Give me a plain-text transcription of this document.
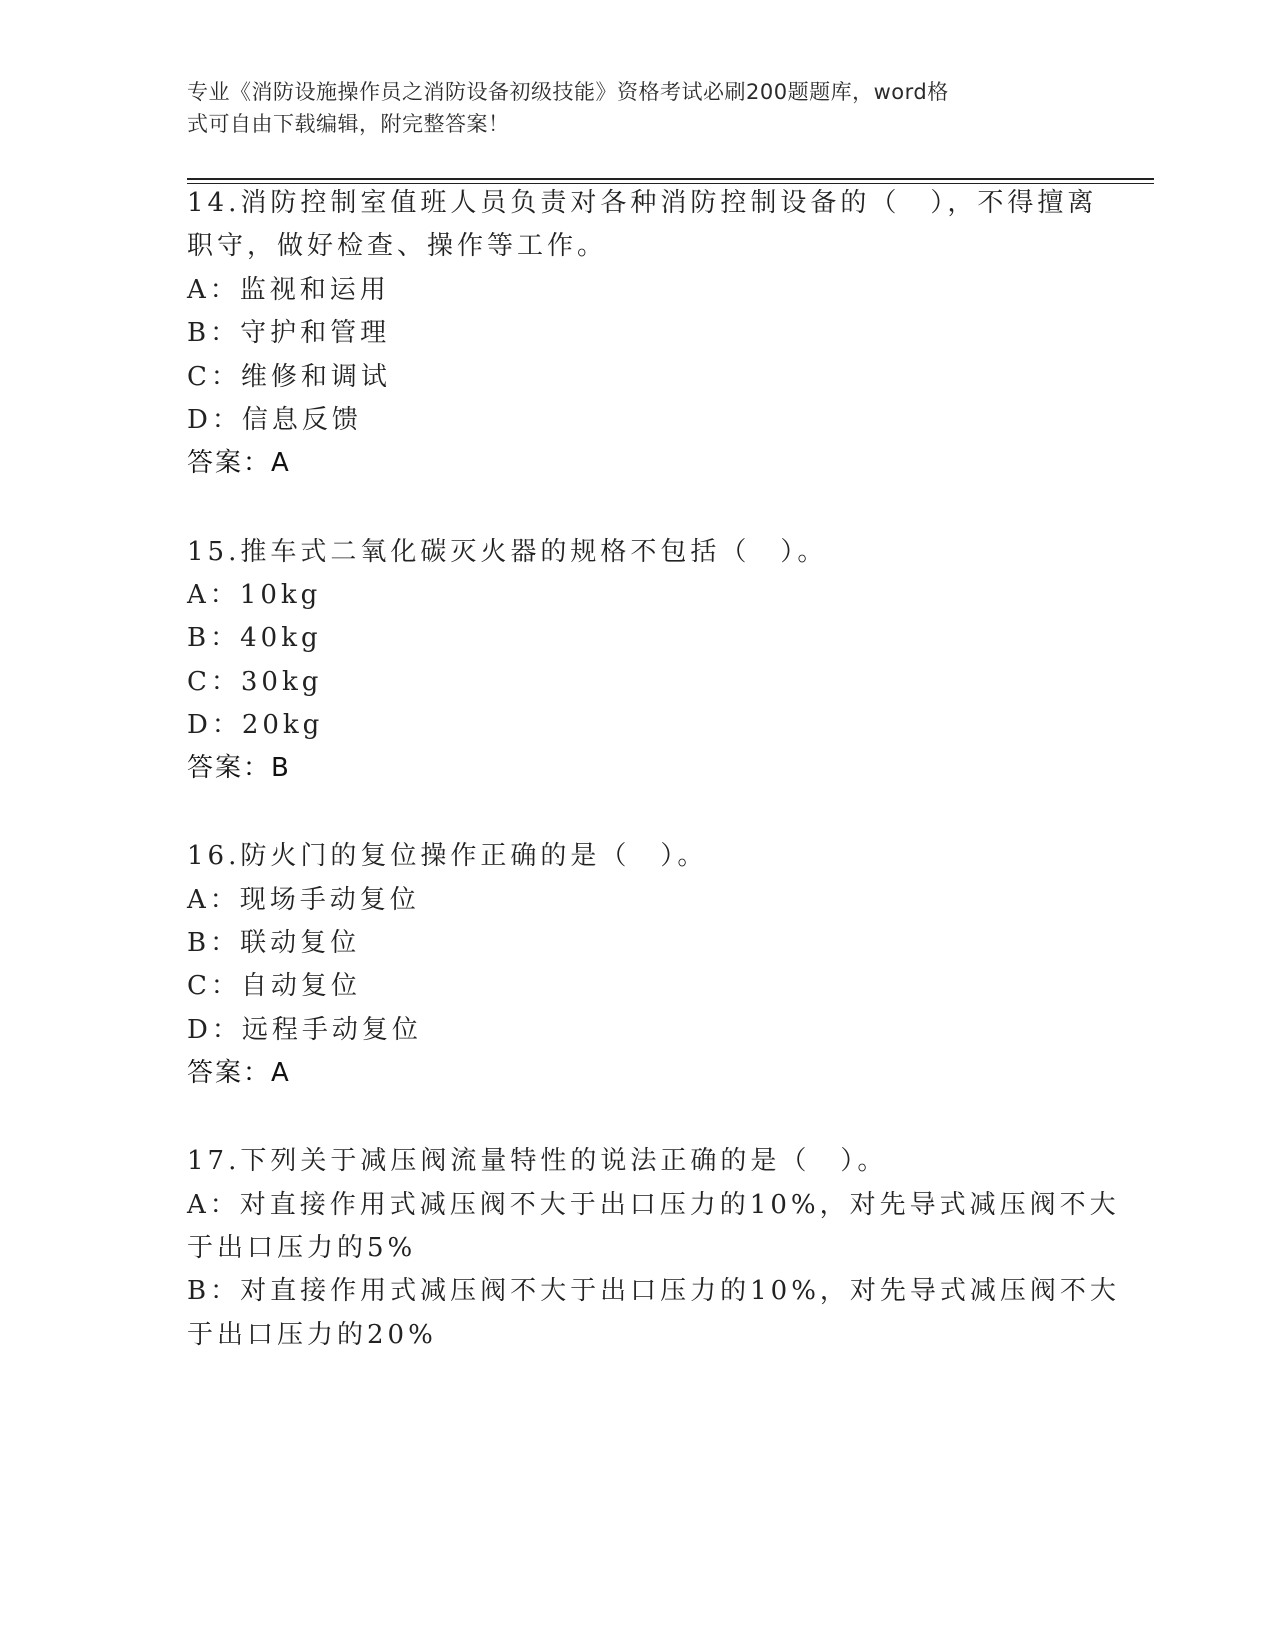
专业《消防设施操作员之消防设备初级技能》资格考试必刷200题题库，word格
式可自由下载编辑，附完整答案！
14.消防控制室值班人员负责对各种消防控制设备的（　），不得擅离
职守，做好检查、操作等工作。
A：监视和运用
B：守护和管理
C：维修和调试
D：信息反馈
答案：A
15.推车式二氧化碳灭火器的规格不包括（　）。
A：10kg
B：40kg
C：30kg
D：20kg
答案：B
16.防火门的复位操作正确的是（　）。
A：现场手动复位
B：联动复位
C：自动复位
D：远程手动复位
答案：A
17.下列关于减压阀流量特性的说法正确的是（　）。
A：对直接作用式减压阀不大于出口压力的10%，对先导式减压阀不大
于出口压力的5%
B：对直接作用式减压阀不大于出口压力的10%，对先导式减压阀不大
于出口压力的20%
